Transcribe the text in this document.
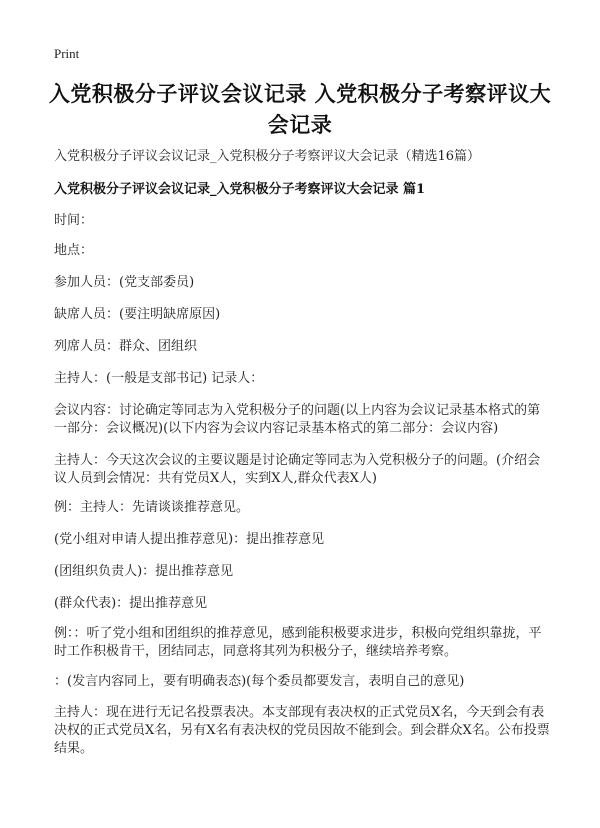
Print
入党积极分子评议会议记录 入党积极分子考察评议大会记录
入党积极分子评议会议记录_入党积极分子考察评议大会记录（精选16篇）
入党积极分子评议会议记录_入党积极分子考察评议大会记录 篇1

时间：

地点：

参加人员：(党支部委员)

缺席人员：(要注明缺席原因)

列席人员：群众、团组织

主持人：(一般是支部书记) 记录人：

会议内容：讨论确定等同志为入党积极分子的问题(以上内容为会议记录基本格式的第一部分：会议概况)(以下内容为会议内容记录基本格式的第二部分：会议内容)

主持人：今天这次会议的主要议题是讨论确定等同志为入党积极分子的问题。(介绍会议人员到会情况：共有党员X人，实到X人,群众代表X人)

例：主持人：先请谈谈推荐意见。

(党小组对申请人提出推荐意见)：提出推荐意见

(团组织负责人)：提出推荐意见

(群众代表)：提出推荐意见

例：：听了党小组和团组织的推荐意见，感到能积极要求进步，积极向党组织靠拢，平时工作积极肯干，团结同志，同意将其列为积极分子，继续培养考察。

：(发言内容同上，要有明确表态)(每个委员都要发言，表明自己的意见)

主持人：现在进行无记名投票表决。本支部现有表决权的正式党员X名，今天到会有表决权的正式党员X名，另有X名有表决权的党员因故不能到会。到会群众X名。公布投票结果。
